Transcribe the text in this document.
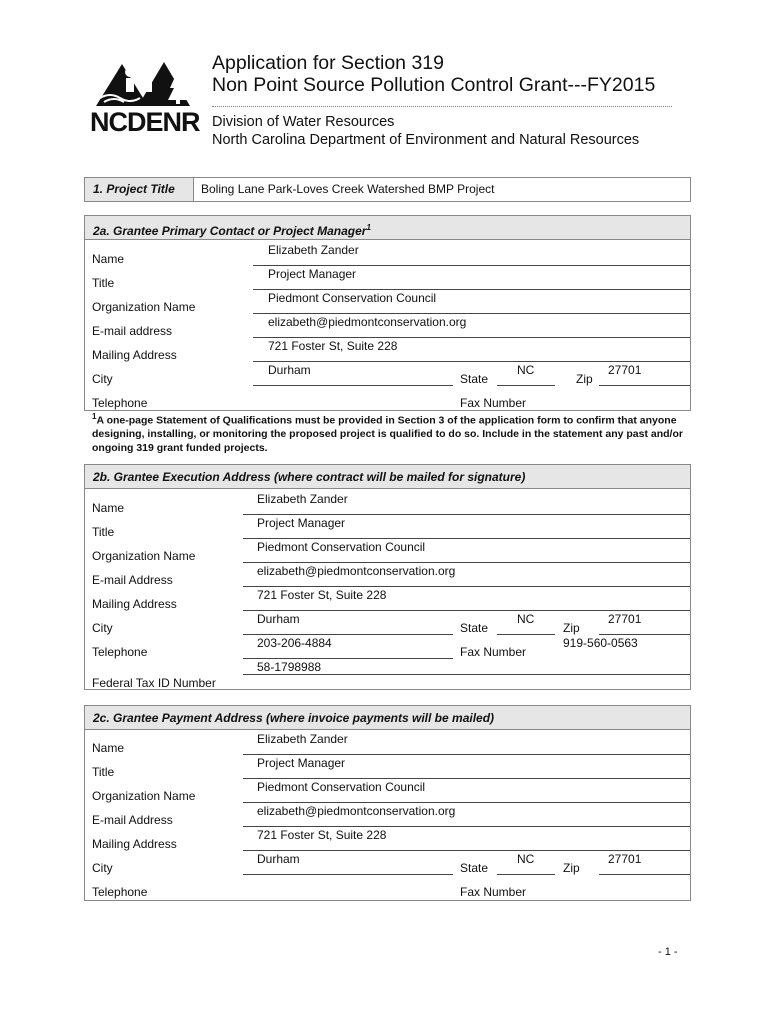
NCDENR
Application for Section 319
Non Point Source Pollution Control Grant---FY2015
Division of Water Resources
North Carolina Department of Environment and Natural Resources
1. Project Title Boling Lane Park-Loves Creek Watershed BMP Project
2a. Grantee Primary Contact or Project Manager$^1$
Name
Elizabeth Zander
Title
Project Manager
Organization Name
Piedmont Conservation Council
E-mail address
elizabeth@piedmontconservation.org
Mailing Address
721 Foster St, Suite 228
City
Durham
State
NC
Zip
27701
Telephone	Fax Number
$^1$A one-page Statement of Qualifications must be provided in Section 3 of the application form to confirm that anyone designing, installing, or monitoring the proposed project is qualified to do so. Include in the statement any past and/or ongoing 319 grant funded projects.
2b. Grantee Execution Address (where contract will be mailed for signature)
Name
Elizabeth Zander
Title
Project Manager
Organization Name
Piedmont Conservation Council
E-mail Address
elizabeth@piedmontconservation.org
Mailing Address
721 Foster St, Suite 228
City
Durham
State
NC
Zip
27701
Telephone
203-206-4884
Fax Number
919-560-0563
58-1798988
Federal Tax ID Number
2c. Grantee Payment Address (where invoice payments will be mailed)
Name
Elizabeth Zander
Title
Project Manager
Organization Name
Piedmont Conservation Council
E-mail Address
elizabeth@piedmontconservation.org
Mailing Address
721 Foster St, Suite 228
City
Durham
State
NC
Zip
27701
Telephone	Fax Number
- 1 -
